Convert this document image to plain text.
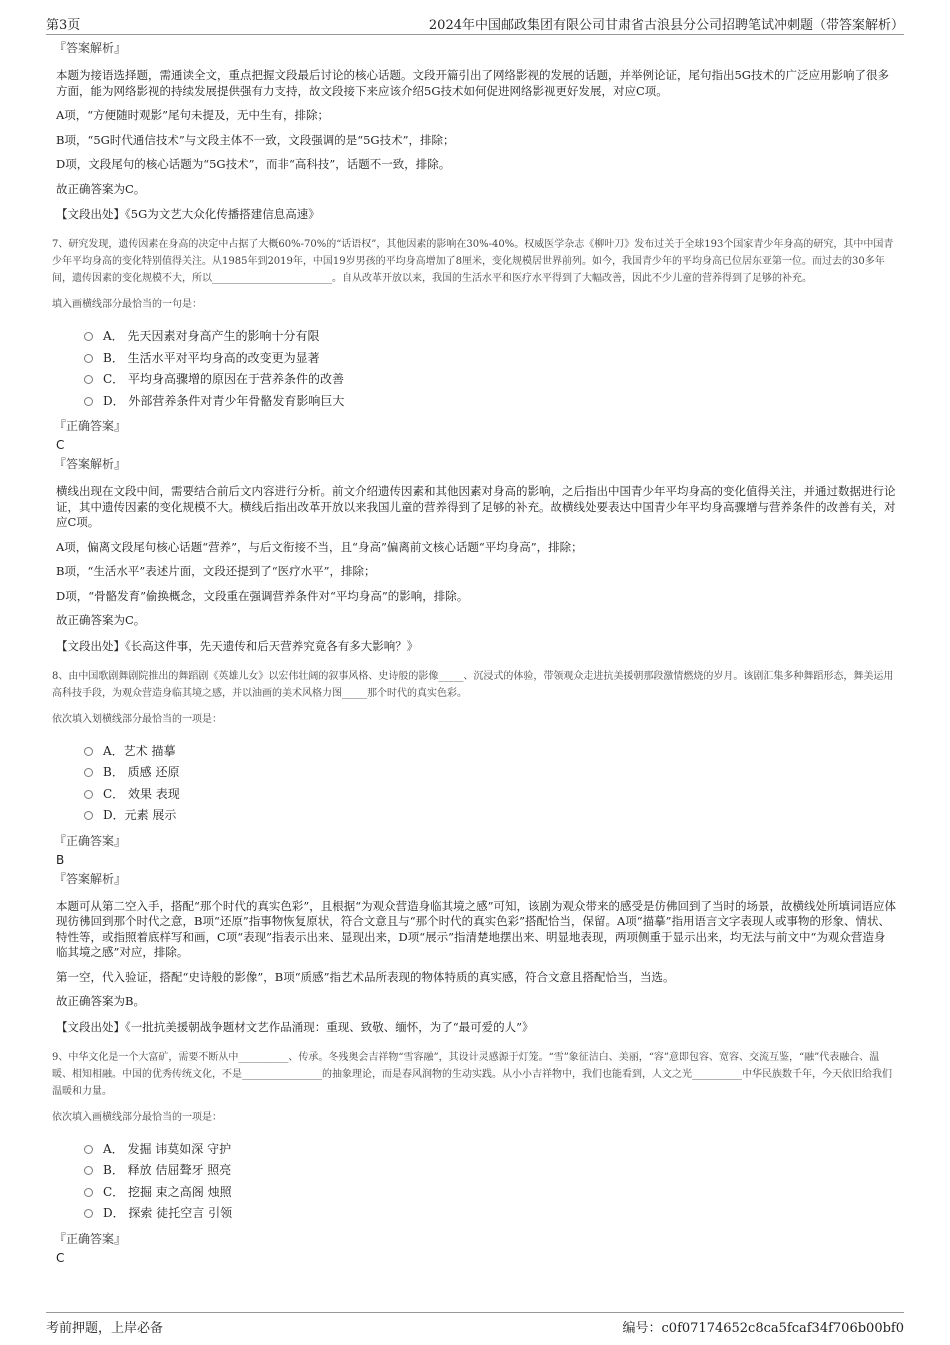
第3页	2024年中国邮政集团有限公司甘肃省古浪县分公司招聘笔试冲刺题（带答案解析）
『答案解析』
本题为接语选择题，需通读全文，重点把握文段最后讨论的核心话题。文段开篇引出了网络影视的发展的话题，并举例论证，尾句指出5G技术的广泛应用影响了很多方面，能为网络影视的持续发展提供强有力支持，故文段接下来应该介绍5G技术如何促进网络影视更好发展，对应C项。
A项，“方便随时观影”尾句未提及，无中生有，排除；
B项，“5G时代通信技术”与文段主体不一致，文段强调的是“5G技术”，排除；
D项，文段尾句的核心话题为“5G技术”，而非“高科技”，话题不一致，排除。
故正确答案为C。
【文段出处】《5G为文艺大众化传播搭建信息高速》
7、研究发现，遗传因素在身高的决定中占据了大概60%-70%的“话语权”，其他因素的影响在30%-40%。权威医学杂志《柳叶刀》发布过关于全球193个国家青少年身高的研究，其中中国青少年平均身高的变化特别值得关注。从1985年到2019年，中国19岁男孩的平均身高增加了8厘米，变化规模居世界前列。如今，我国青少年的平均身高已位居东亚第一位。而过去的30多年间，遗传因素的变化规模不大，所以________________________。自从改革开放以来，我国的生活水平和医疗水平得到了大幅改善，因此不少儿童的营养得到了足够的补充。
填入画横线部分最恰当的一句是：
A． 先天因素对身高产生的影响十分有限
B． 生活水平对平均身高的改变更为显著
C． 平均身高骤增的原因在于营养条件的改善
D． 外部营养条件对青少年骨骼发育影响巨大
『正确答案』
C
『答案解析』
横线出现在文段中间，需要结合前后文内容进行分析。前文介绍遗传因素和其他因素对身高的影响，之后指出中国青少年平均身高的变化值得关注，并通过数据进行论证，其中遗传因素的变化规模不大。横线后指出改革开放以来我国儿童的营养得到了足够的补充。故横线处要表达中国青少年平均身高骤增与营养条件的改善有关，对应C项。
A项，偏离文段尾句核心话题“营养”，与后文衔接不当，且“身高”偏离前文核心话题“平均身高”，排除；
B项，“生活水平”表述片面，文段还提到了“医疗水平”，排除；
D项，“骨骼发育”偷换概念，文段重在强调营养条件对“平均身高”的影响，排除。
故正确答案为C。
【文段出处】《长高这件事，先天遗传和后天营养究竟各有多大影响？》
8、由中国歌剧舞剧院推出的舞蹈剧《英雄儿女》以宏伟壮阔的叙事风格、史诗般的影像_____、沉浸式的体验，带领观众走进抗美援朝那段激情燃烧的岁月。该剧汇集多种舞蹈形态，舞美运用高科技手段，为观众营造身临其境之感，并以油画的美术风格力图_____那个时代的真实色彩。
依次填入划横线部分最恰当的一项是：
A．艺术 描摹
B． 质感 还原
C． 效果 表现
D．元素 展示
『正确答案』
B
『答案解析』
本题可从第二空入手，搭配“那个时代的真实色彩”，且根据“为观众营造身临其境之感”可知，该剧为观众带来的感受是仿佛回到了当时的场景，故横线处所填词语应体现彷彿回到那个时代之意，B项“还原”指事物恢复原状，符合文意且与“那个时代的真实色彩”搭配恰当，保留。A项“描摹”指用语言文字表现人或事物的形象、情状、特性等，或指照着底样写和画，C项“表现”指表示出来、显现出来，D项“展示”指清楚地摆出来、明显地表现，两项侧重于显示出来，均无法与前文中“为观众营造身临其境之感”对应，排除。
第一空，代入验证，搭配“史诗般的影像”，B项“质感”指艺术品所表现的物体特质的真实感，符合文意且搭配恰当，当选。
故正确答案为B。
【文段出处】《一批抗美援朝战争题材文艺作品涌现：重现、致敬、缅怀，为了“最可爱的人”》
9、中华文化是一个大富矿，需要不断从中__________、传承。冬残奥会吉祥物“雪容融”，其设计灵感源于灯笼。“雪”象征洁白、美丽，“容”意即包容、宽容、交流互鉴，“融”代表融合、温暖、相知相融。中国的优秀传统文化，不是________________的抽象理论，而是春风润物的生动实践。从小小吉祥物中，我们也能看到，人文之光__________中华民族数千年，今天依旧给我们温暖和力量。
依次填入画横线部分最恰当的一项是：
A． 发掘 讳莫如深 守护
B． 释放 佶屈聱牙 照亮
C． 挖掘 束之高阁 烛照
D． 探索 徒托空言 引领
『正确答案』
C
考前押题，上岸必备	编号：c0f07174652c8ca5fcaf34f706b00bf0
